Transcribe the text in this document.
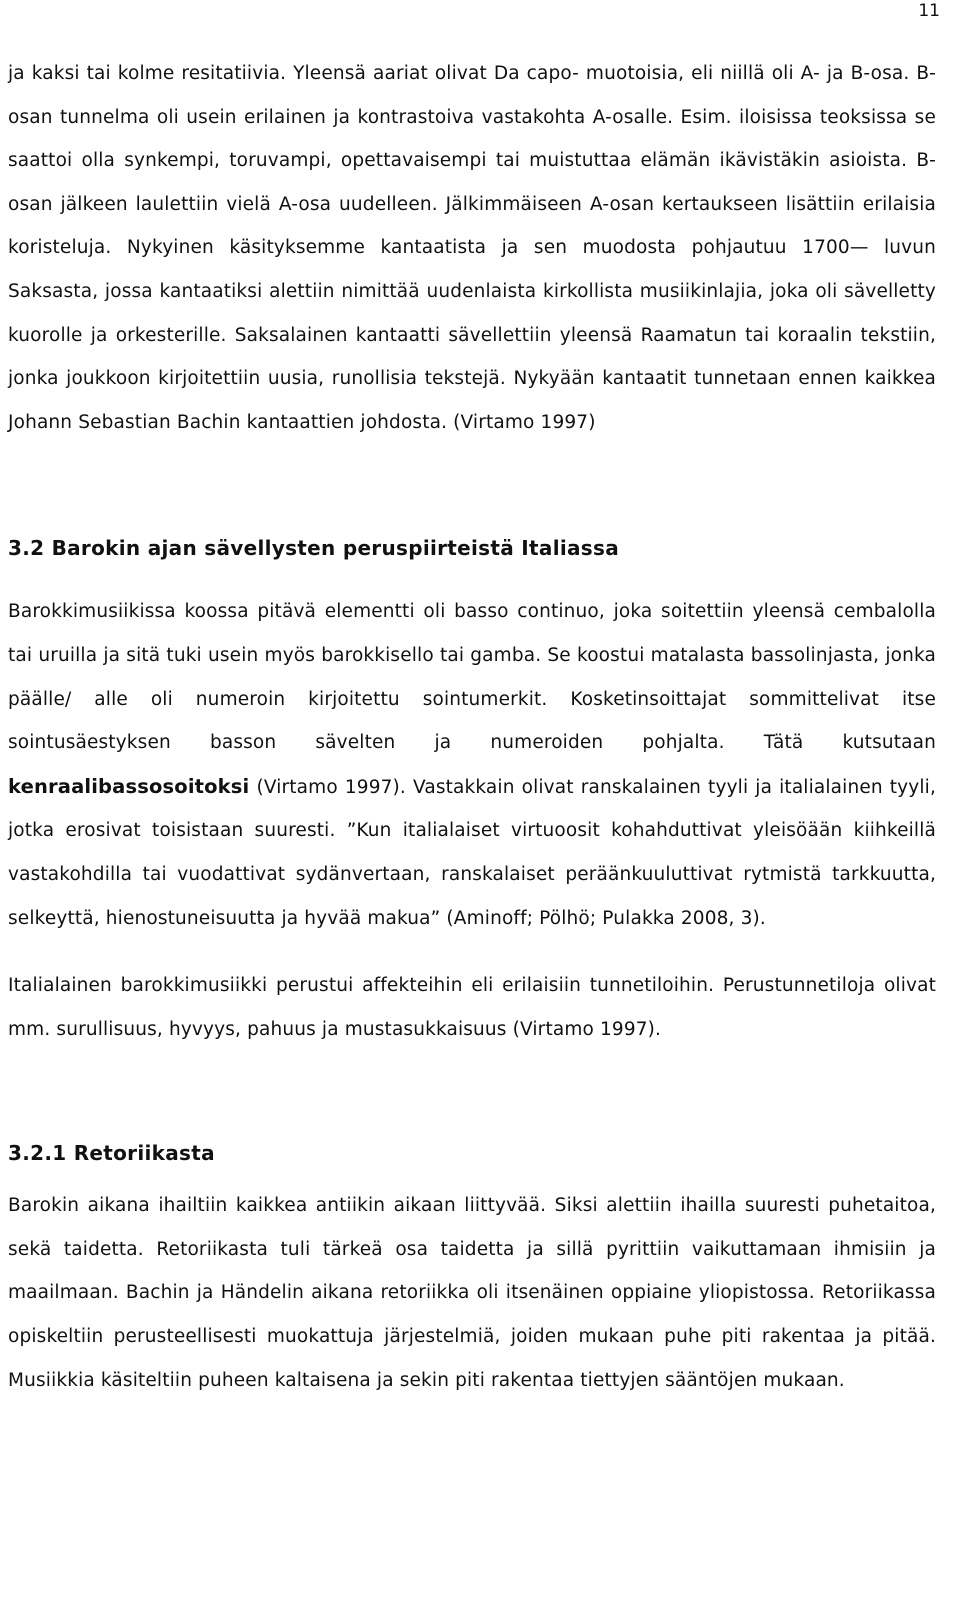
11

ja kaksi tai kolme resitatiivia. Yleensä aariat olivat Da capo- muotoisia, eli niillä oli A- ja B-osa. B- osan tunnelma oli usein erilainen ja kontrastoiva vastakohta A-osalle. Esim. iloisissa teoksissa se saattoi olla synkempi, toruvampi, opettavaisempi tai muistuttaa elämän ikävistäkin asioista. B-osan jälkeen laulettiin vielä A-osa uudelleen. Jälkimmäiseen A-osan kertaukseen lisättiin erilaisia koristeluja. Nykyinen käsityksemme kantaatista ja sen muodosta pohjautuu 1700— luvun Saksasta, jossa kantaatiksi alettiin nimittää uudenlaista kirkollista musiikinlajia, joka oli sävelletty kuorolle ja orkesterille. Saksalainen kantaatti sävellettiin yleensä Raamatun tai koraalin tekstiin, jonka joukkoon kirjoitettiin uusia, runollisia tekstejä. Nykyään kantaatit tunnetaan ennen kaikkea Johann Sebastian Bachin kantaattien johdosta. (Virtamo 1997)

3.2 Barokin ajan sävellysten peruspiirteistä Italiassa

Barokkimusiikissa koossa pitävä elementti oli basso continuo, joka soitettiin yleensä cembalolla tai uruilla ja sitä tuki usein myös barokkisello tai gamba. Se koostui matalasta bassolinjasta, jonka päälle/ alle oli numeroin kirjoitettu sointumerkit. Kosketinsoittajat sommittelivat itse sointusäestyksen basson sävelten ja numeroiden pohjalta. Tätä kutsutaan kenraalibassosoitoksi (Virtamo 1997). Vastakkain olivat ranskalainen tyyli ja italialainen tyyli, jotka erosivat toisistaan suuresti. ”Kun italialaiset virtuoosit kohahduttivat yleisöään kiihkeillä vastakohdilla tai vuodattivat sydänvertaan, ranskalaiset peräänkuuluttivat rytmistä tarkkuutta, selkeyttä, hienostuneisuutta ja hyvää makua” (Aminoff; Pölhö; Pulakka 2008, 3).

Italialainen barokkimusiikki perustui affekteihin eli erilaisiin tunnetiloihin. Perustunnetiloja olivat mm. surullisuus, hyvyys, pahuus ja mustasukkaisuus (Virtamo 1997).

3.2.1 Retoriikasta

Barokin aikana ihailtiin kaikkea antiikin aikaan liittyvää. Siksi alettiin ihailla suuresti puhetaitoa, sekä taidetta. Retoriikasta tuli tärkeä osa taidetta ja sillä pyrittiin vaikuttamaan ihmisiin ja maailmaan. Bachin ja Händelin aikana retoriikka oli itsenäinen oppiaine yliopistossa. Retoriikassa opiskeltiin perusteellisesti muokattuja järjestelmiä, joiden mukaan puhe piti rakentaa ja pitää. Musiikkia käsiteltiin puheen kaltaisena ja sekin piti rakentaa tiettyjen sääntöjen mukaan.
